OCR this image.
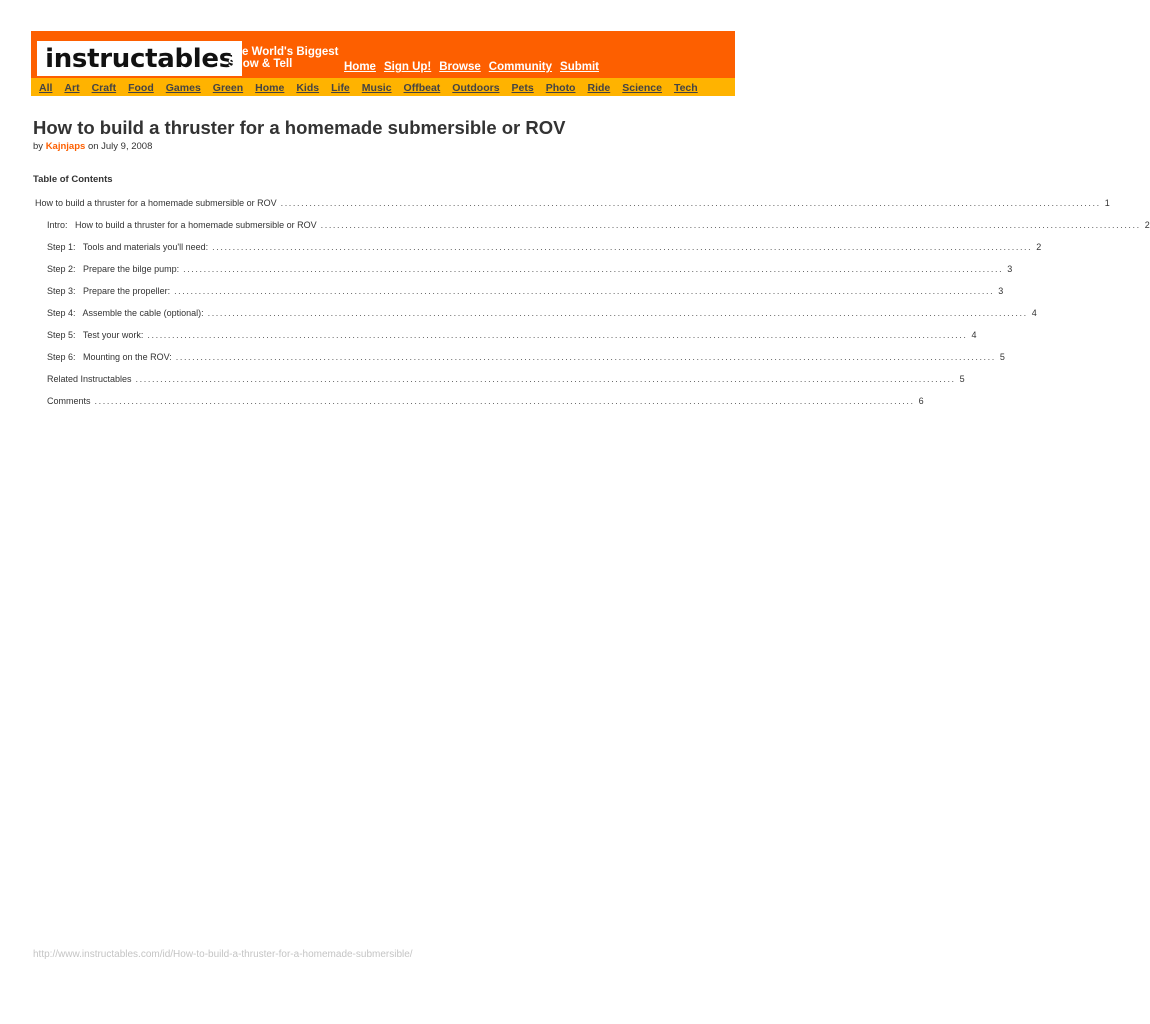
instructables
The World's Biggest
Show & Tell	Home Sign Up! Browse Community Submit
All Art Craft Food Games Green Home Kids Life Music Offbeat Outdoors Pets Photo Ride Science Tech
How to build a thruster for a homemade submersible or ROV
by Kajnjaps on July 9, 2008
Table of Contents
How to build a thruster for a homemade submersible or ROV ........................................................................................................................................................................................................ 1
Intro:   How to build a thruster for a homemade submersible or ROV ........................................................................................................................................................................................................ 2
Step 1:   Tools and materials you'll need: ........................................................................................................................................................................................................ 2
Step 2:   Prepare the bilge pump: ........................................................................................................................................................................................................ 3
Step 3:   Prepare the propeller: ........................................................................................................................................................................................................ 3
Step 4:   Assemble the cable (optional): ........................................................................................................................................................................................................ 4
Step 5:   Test your work: ........................................................................................................................................................................................................ 4
Step 6:   Mounting on the ROV: ........................................................................................................................................................................................................ 5
Related Instructables ........................................................................................................................................................................................................ 5
Comments ........................................................................................................................................................................................................ 6
http://www.instructables.com/id/How-to-build-a-thruster-for-a-homemade-submersible/
